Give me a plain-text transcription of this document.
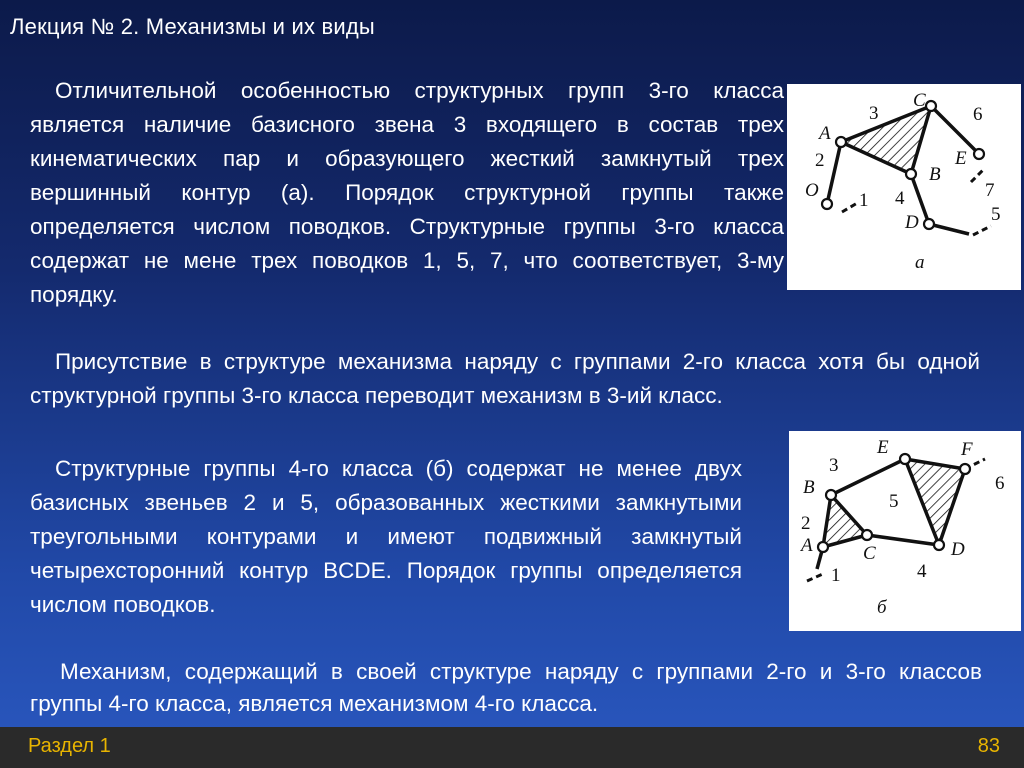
Лекция № 2. Механизмы и их виды

Отличительной особенностью структурных групп 3-го класса является наличие базисного звена 3 входящего в состав трех кинематических пар и образующего жесткий замкнутый трех вершинный контур (а). Порядок структурной группы также определяется числом поводков. Структурные группы 3-го класса содержат не мене трех поводков 1, 5, 7, что соответствует, 3-му порядку.

Присутствие в структуре механизма наряду с группами 2-го класса хотя бы одной структурной группы 3-го класса переводит механизм в 3-ий класс.

Структурные группы 4-го класса (б) содержат не менее двух базисных звеньев 2 и 5, образованных жесткими замкнутыми треугольными контурами и имеют подвижный замкнутый четырехсторонний контур BCDE. Порядок группы определяется числом поводков.

Механизм, содержащий в своей структуре наряду с группами 2-го и 3-го классов группы 4-го класса, является механизмом 4-го класса.

A
2
O 1
3
C
6
E
B
4	7
5
D
а
3
E	F
6
B
2
A
5
C	D
4
1
б
Раздел 1	83
